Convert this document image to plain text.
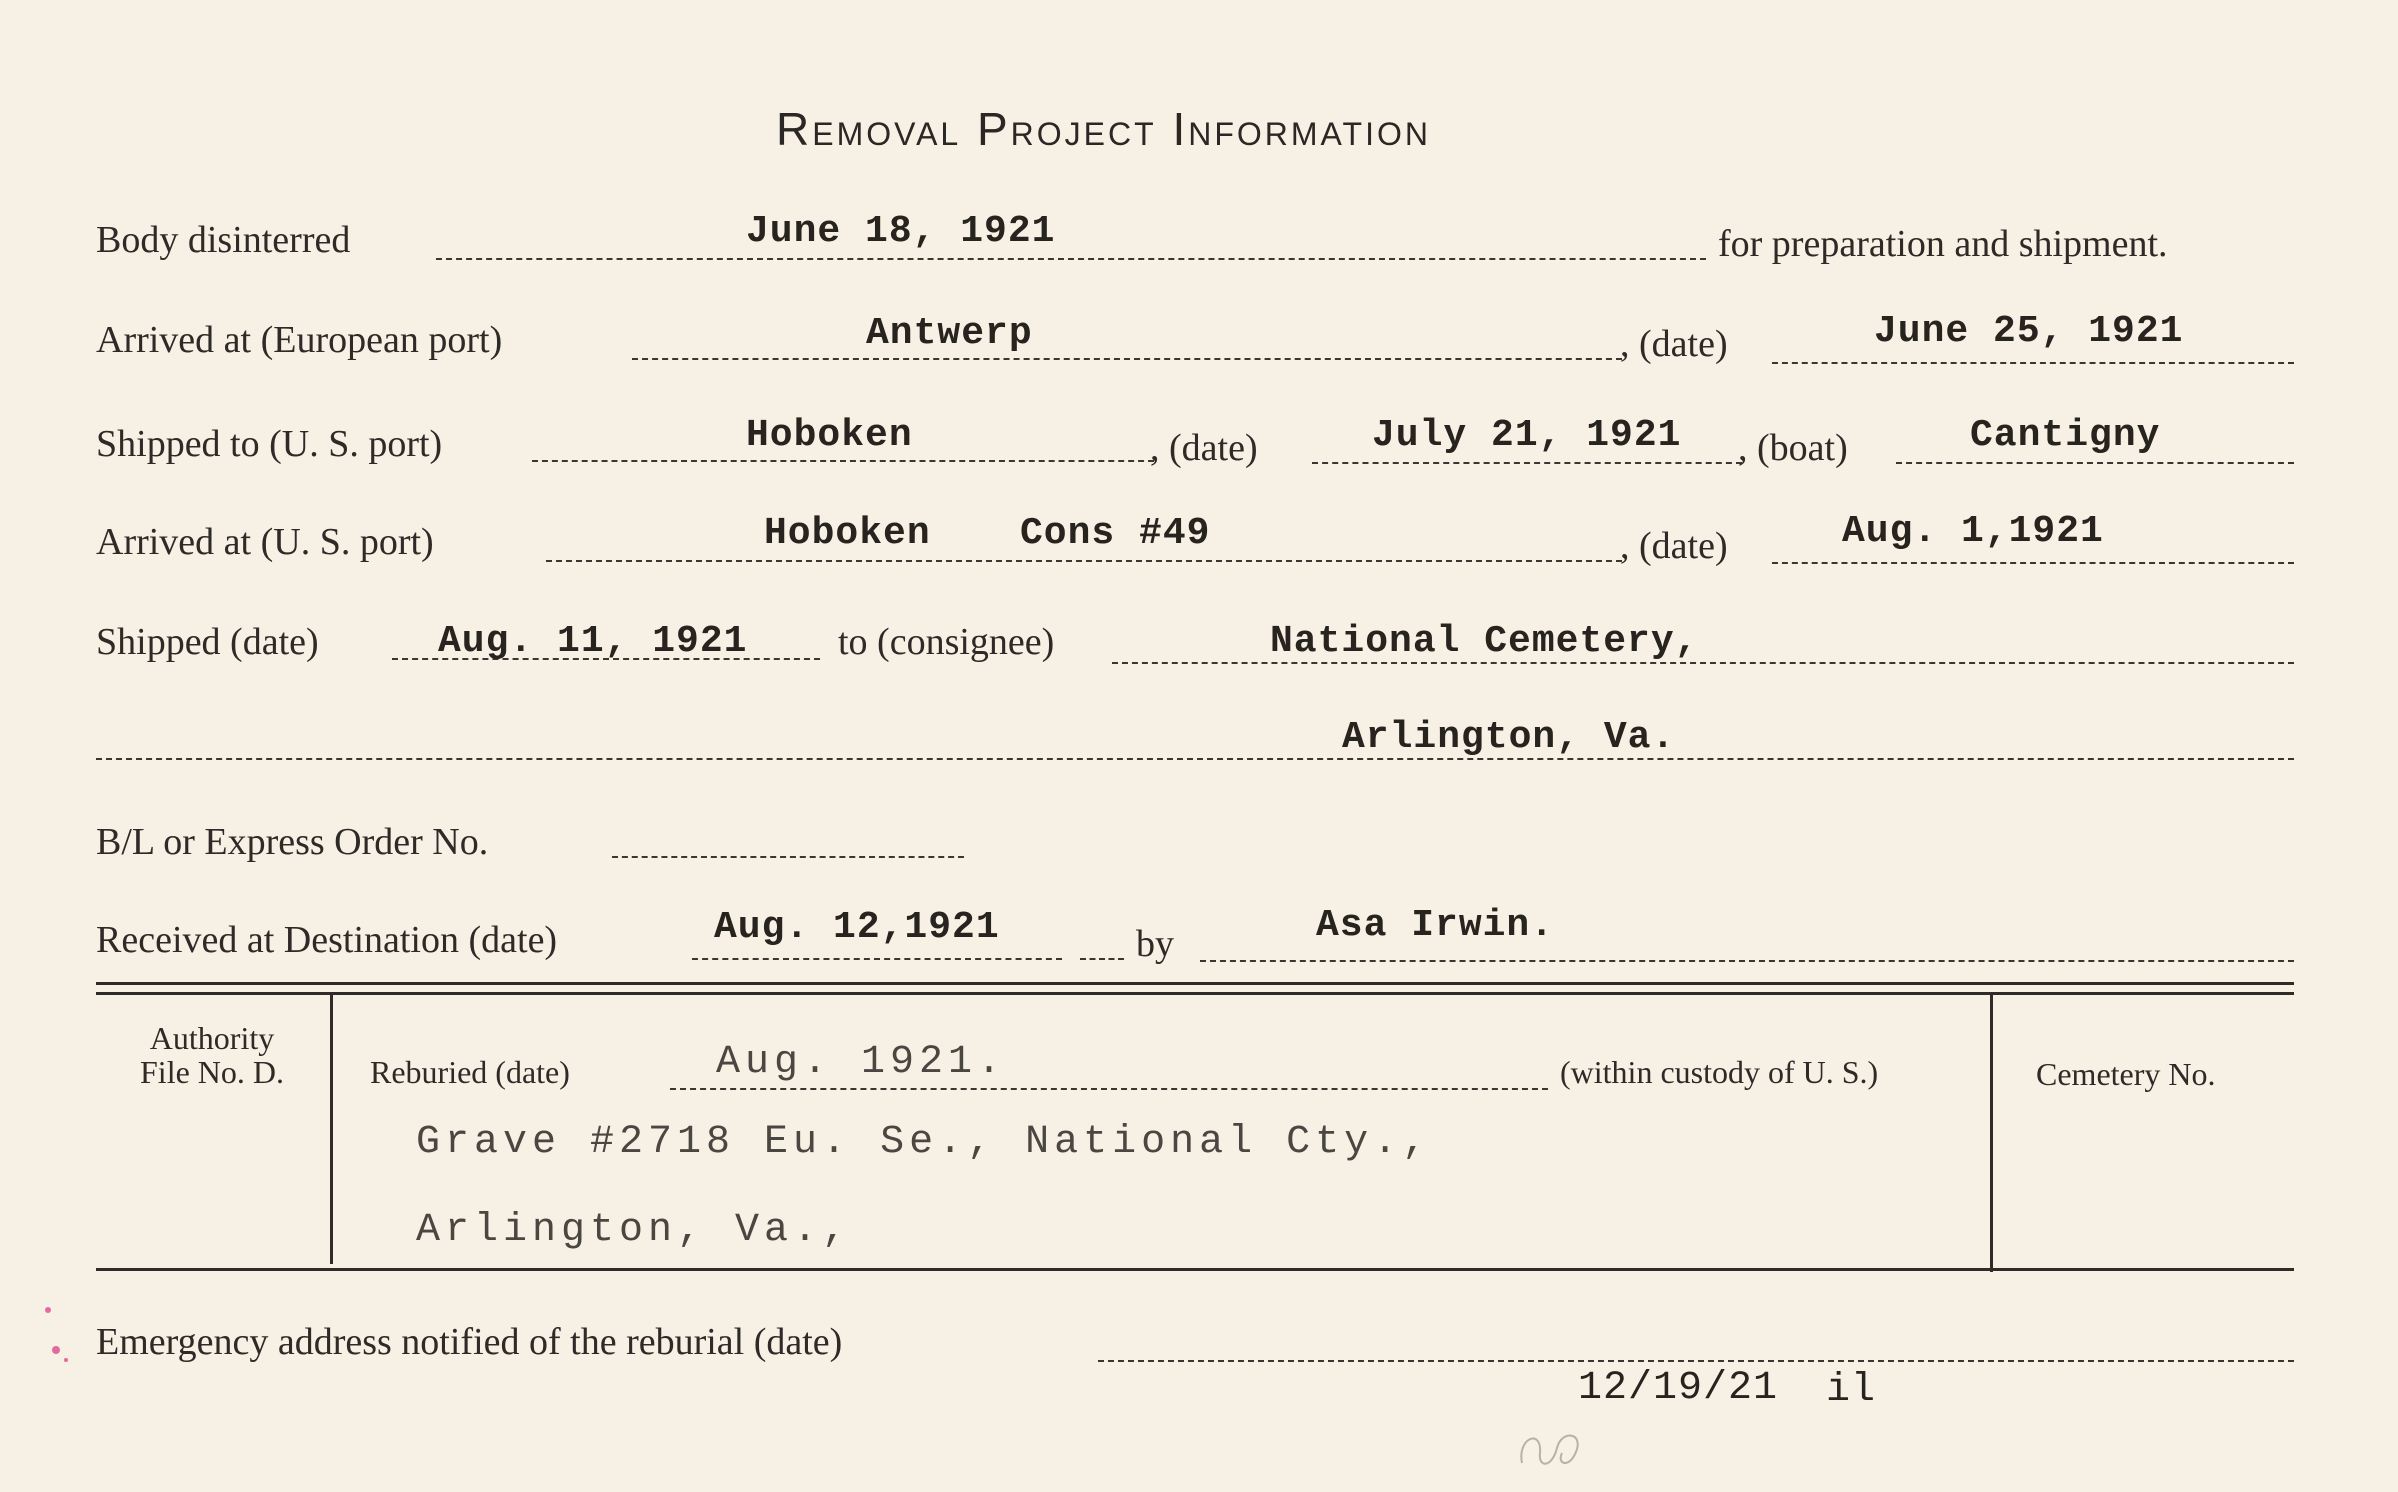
Removal Project Information
Body disinterred	June 18, 1921	for preparation and shipment.
Arrived at (European port)	Antwerp	, (date)	June 25, 1921
Shipped to (U. S. port)	Hoboken	, (date)	July 21, 1921 , (boat)	Cantigny
Arrived at (U. S. port)	Hoboken Cons #49	, (date)	Aug. 1,1921
Shipped (date)	Aug. 11, 1921 to (consignee)	National Cemetery,
Arlington, Va.
B/L or Express Order No.
Received at Destination (date)	Aug. 12,1921	by	Asa Irwin.
Authority
File No. D.	Reburied (date)	Aug. 1921.	(within custody of U. S.)	Cemetery No.
Grave #2718 Eu. Se., National Cty.,
Arlington, Va.,
Emergency address notified of the reburial (date)
12/19/21 il
